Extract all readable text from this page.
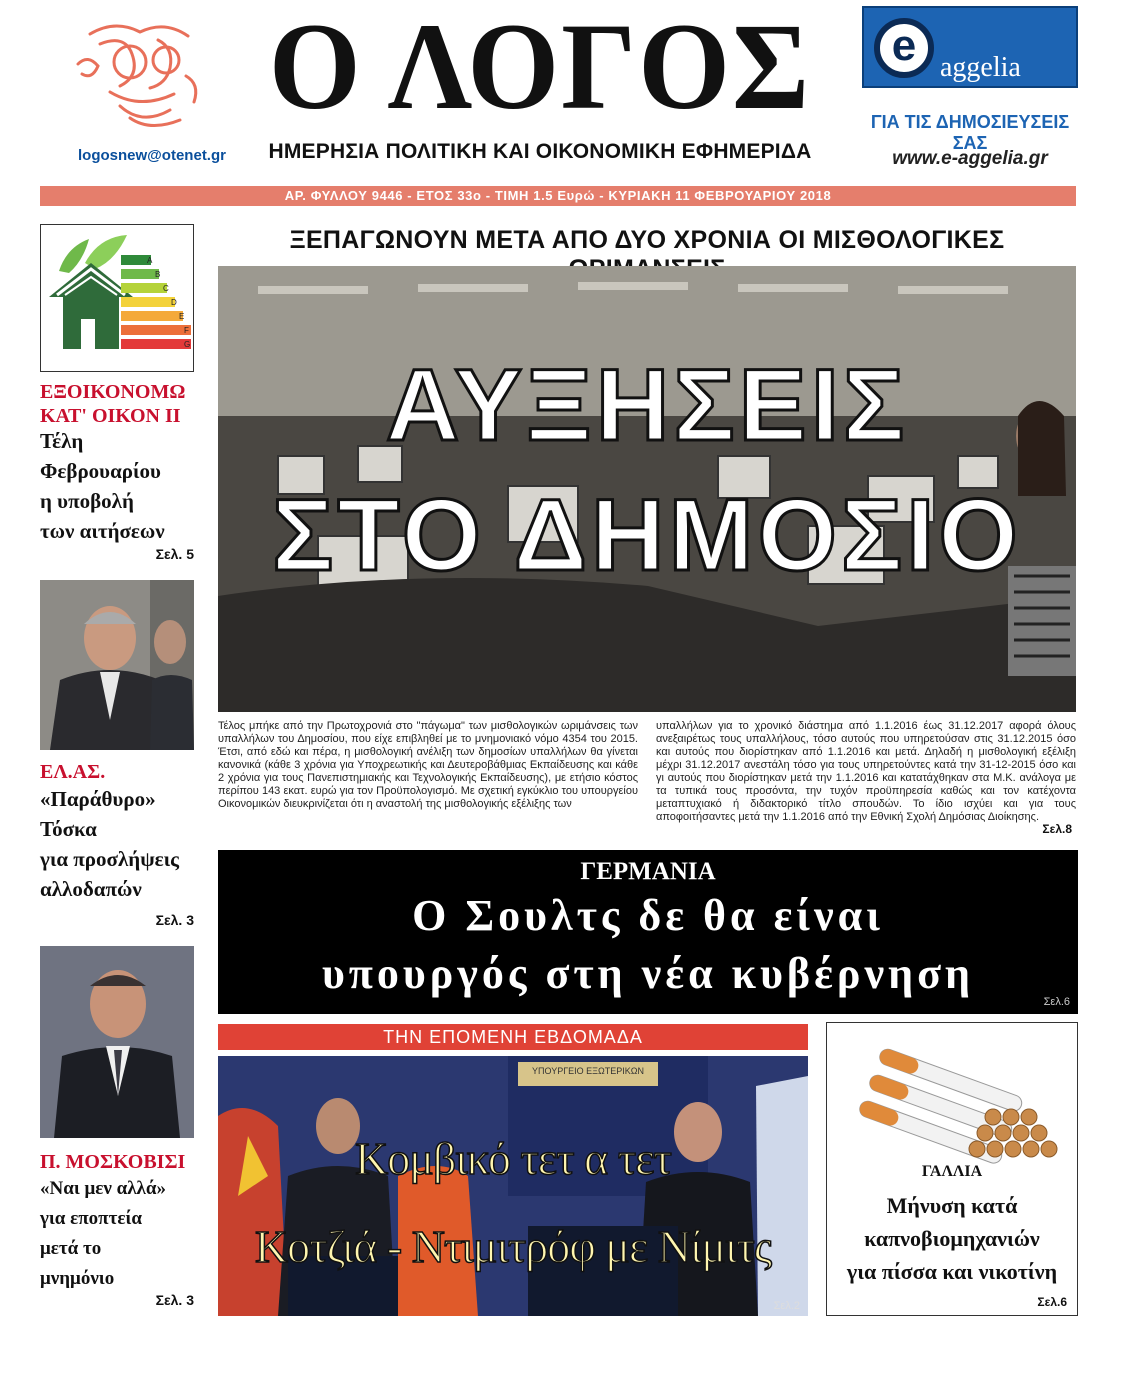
Ο ΛΟΓΟΣ
ΗΜΕΡΗΣΙΑ ΠΟΛΙΤΙΚΗ ΚΑΙ ΟΙΚΟΝΟΜΙΚΗ ΕΦΗΜΕΡΙΔΑ
logosnew@otenet.gr
e aggelia
ΓΙΑ ΤΙΣ ΔΗΜΟΣΙΕΥΣΕΙΣ ΣΑΣ
www.e-aggelia.gr
ΑΡ. ΦΥΛΛΟΥ 9446 - ΕΤΟΣ 33ο - ΤΙΜΗ 1.5 Ευρώ - ΚΥΡΙΑΚΗ 11 ΦΕΒΡΟΥΑΡΙΟΥ 2018
A
B
C
D
E
F
G
ΕΞΟΙΚΟΝΟΜΩ
ΚΑΤ' ΟΙΚΟΝ ΙΙ
Τέλη
Φεβρουαρίου
η υποβολή
των αιτήσεων
Σελ. 5
ΕΛ.ΑΣ.
«Παράθυρο»
Τόσκα
για προσλήψεις
αλλοδαπών
Σελ. 3
Π. ΜΟΣΚΟΒΙΣΙ
«Ναι μεν αλλά»
για εποπτεία
μετά το
μνημόνιο
Σελ. 3
ΞΕΠΑΓΩΝΟΥΝ ΜΕΤΑ ΑΠΟ ΔΥΟ ΧΡΟΝΙΑ ΟΙ ΜΙΣΘΟΛΟΓΙΚΕΣ
ΑΥΞΗΣΕΙΣ
ΣΤΟ ΔΗΜΟΣΙΟ
Τέλος μπήκε από την Πρωτοχρονιά στο "πάγωμα" των μισθολογικών ωριμάνσεις των υπαλλήλων του Δημοσίου, που είχε επιβληθεί με το μνημονιακό νόμο 4354 του 2015. Έτσι, από εδώ και πέρα, η μισθολογική ανέλιξη των δημοσίων υπαλλήλων θα γίνεται κανονικά (κάθε 3 χρόνια για Υποχρεωτικής και Δευτεροβάθμιας Εκπαίδευσης και κάθε 2 χρόνια για τους Πανεπιστημιακής και Τεχνολογικής Εκπαίδευσης), με ετήσιο κόστος περίπου 143 εκατ. ευρώ για τον Προϋπολογισμό. Με σχετική εγκύκλιο του υπουργείου Οικονομικών διευκρινίζεται ότι η αναστολή της μισθολογικής εξέλιξης των
υπαλλήλων για το χρονικό διάστημα από 1.1.2016 έως 31.12.2017 αφορά όλους ανεξαιρέτως τους υπαλλήλους, τόσο αυτούς που υπηρετούσαν στις 31.12.2015 όσο και αυτούς που διορίστηκαν από 1.1.2016 και μετά. Δηλαδή η μισθολογική εξέλιξη μέχρι 31.12.2017 ανεστάλη τόσο για τους υπηρετούντες κατά την 31-12-2015 όσο και γι αυτούς που διορίστηκαν μετά την 1.1.2016 και κατατάχθηκαν στα Μ.Κ. ανάλογα με τα τυπικά τους προσόντα, την τυχόν προϋπηρεσία καθώς και τον κατέχοντα μεταπτυχιακό ή διδακτορικό τίτλο σπουδών. Το ίδιο ισχύει και για τους αποφοιτήσαντες μετά την 1.1.2016 από την Εθνική Σχολή Δημόσιας Διοίκησης.
Σελ.8
ΓΕΡΜΑΝΙΑ
Ο Σουλτς δε θα είναι
υπουργός στη νέα κυβέρνηση
Σελ.6
ΤΗΝ ΕΠΟΜΕΝΗ ΕΒΔΟΜΑΔΑ
ΥΠΟΥΡΓΕΙΟ ΕΞΩΤΕΡΙΚΩΝ
Κομβικό τετ α τετ
Κοτζιά - Ντιμιτρόφ με Νίμιτς
Σελ.2
ΓΑΛΛΙΑ
Μήνυση κατά
καπνοβιομηχανιών
για πίσσα και νικοτίνη
Σελ.6
